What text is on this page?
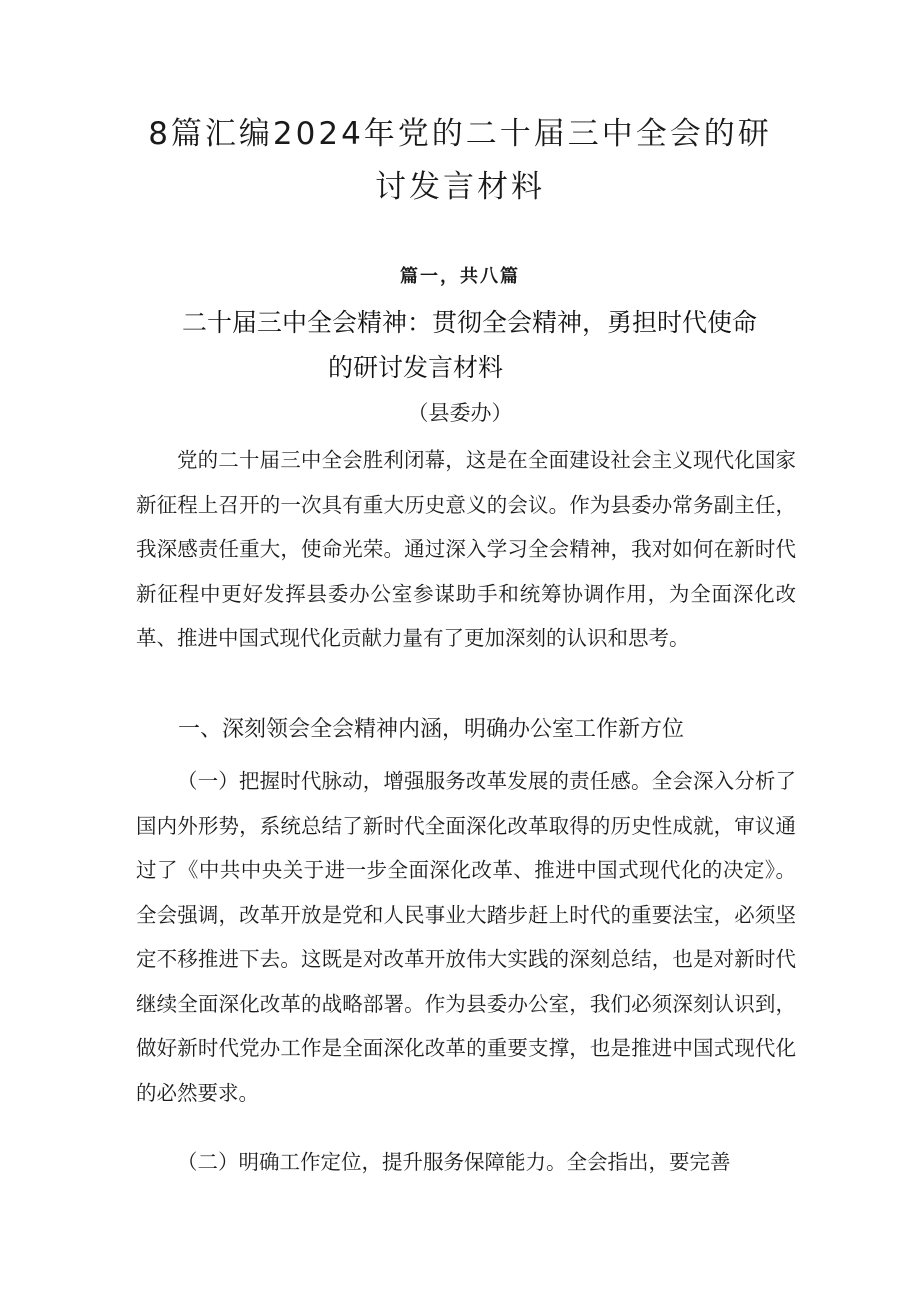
8篇汇编2024年党的二十届三中全会的研
讨发言材料
篇一，共八篇
二十届三中全会精神：贯彻全会精神，勇担时代使命
的研讨发言材料
（县委办）

党的二十届三中全会胜利闭幕，这是在全面建设社会主义现代化国家新征程上召开的一次具有重大历史意义的会议。作为县委办常务副主任，我深感责任重大，使命光荣。通过深入学习全会精神，我对如何在新时代新征程中更好发挥县委办公室参谋助手和统筹协调作用，为全面深化改革、推进中国式现代化贡献力量有了更加深刻的认识和思考。

一、深刻领会全会精神内涵，明确办公室工作新方位

（一）把握时代脉动，增强服务改革发展的责任感。全会深入分析了国内外形势，系统总结了新时代全面深化改革取得的历史性成就，审议通过了《中共中央关于进一步全面深化改革、推进中国式现代化的决定》。全会强调，改革开放是党和人民事业大踏步赶上时代的重要法宝，必须坚定不移推进下去。这既是对改革开放伟大实践的深刻总结，也是对新时代继续全面深化改革的战略部署。作为县委办公室，我们必须深刻认识到，做好新时代党办工作是全面深化改革的重要支撑，也是推进中国式现代化的必然要求。

（二）明确工作定位，提升服务保障能力。全会指出，要完善
